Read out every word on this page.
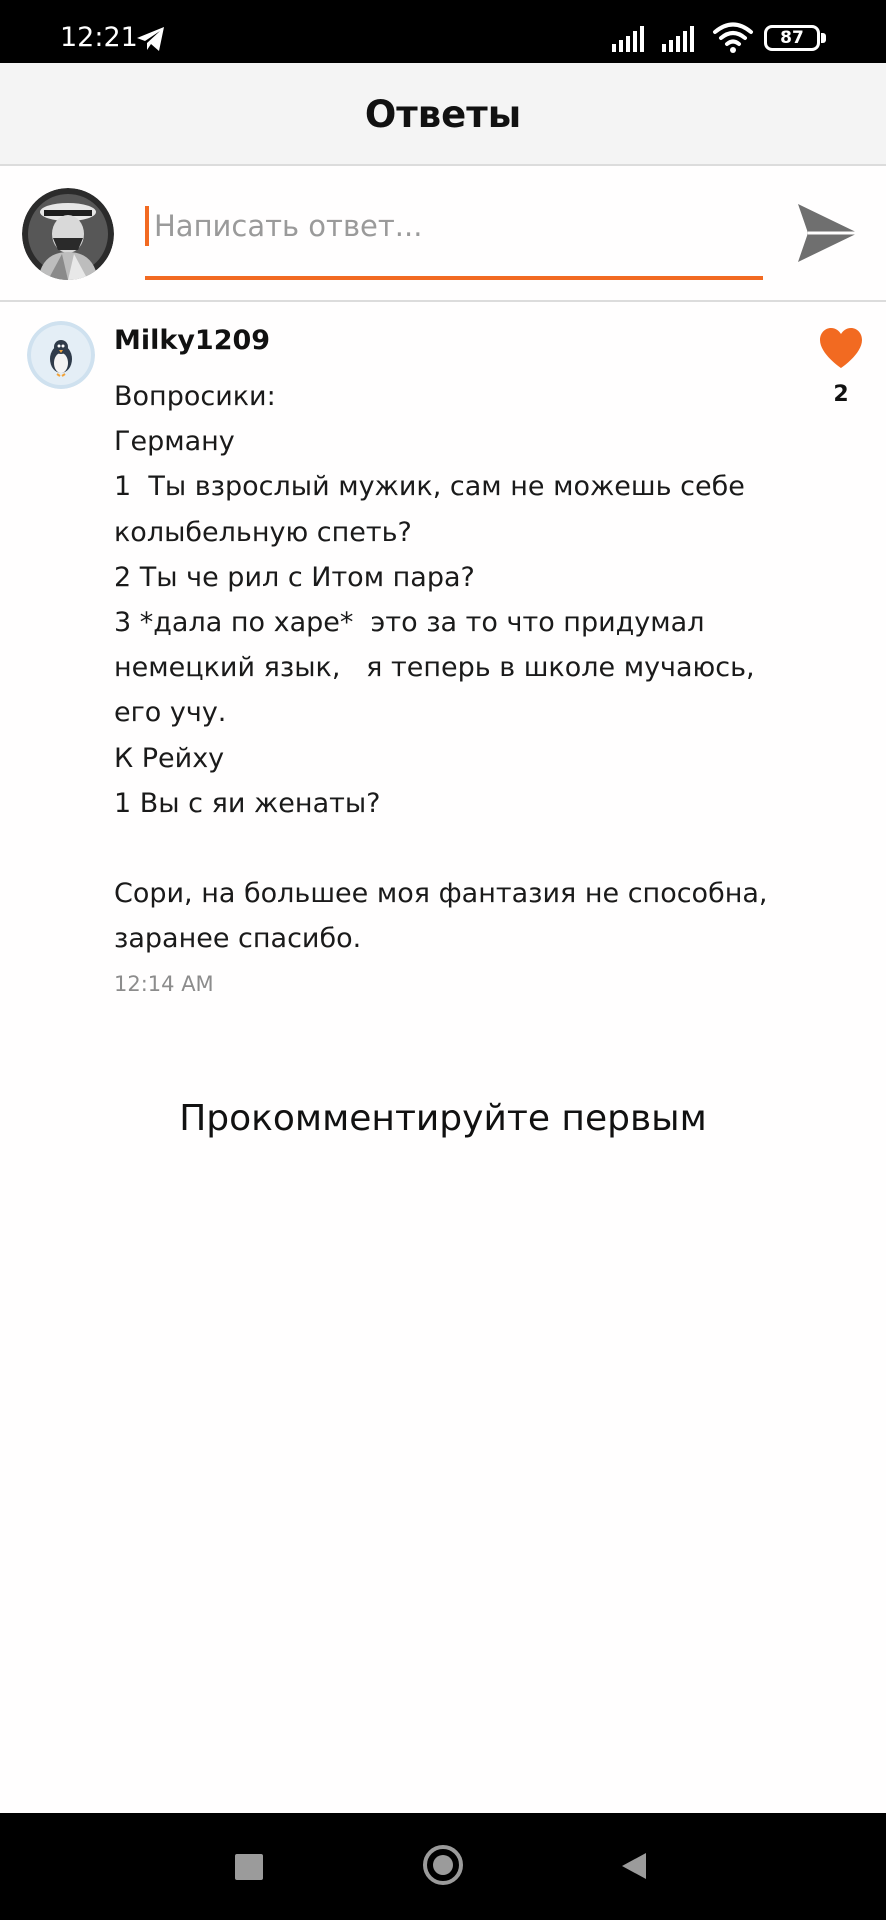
12:21	87
Ответы
Написать ответ...
Milky1209
Вопросики:
Герману
1  Ты взрослый мужик, сам не можешь себе
колыбельную спеть?
2 Ты че рил с Итом пара?
3 *дала по харе*  это за то что придумал
немецкий язык,   я теперь в школе мучаюсь,
его учу.
К Рейху
1 Вы с яи женаты?
Сори, на большее моя фантазия не способна,
заранее спасибо.
12:14 AM
2
Прокомментируйте первым
